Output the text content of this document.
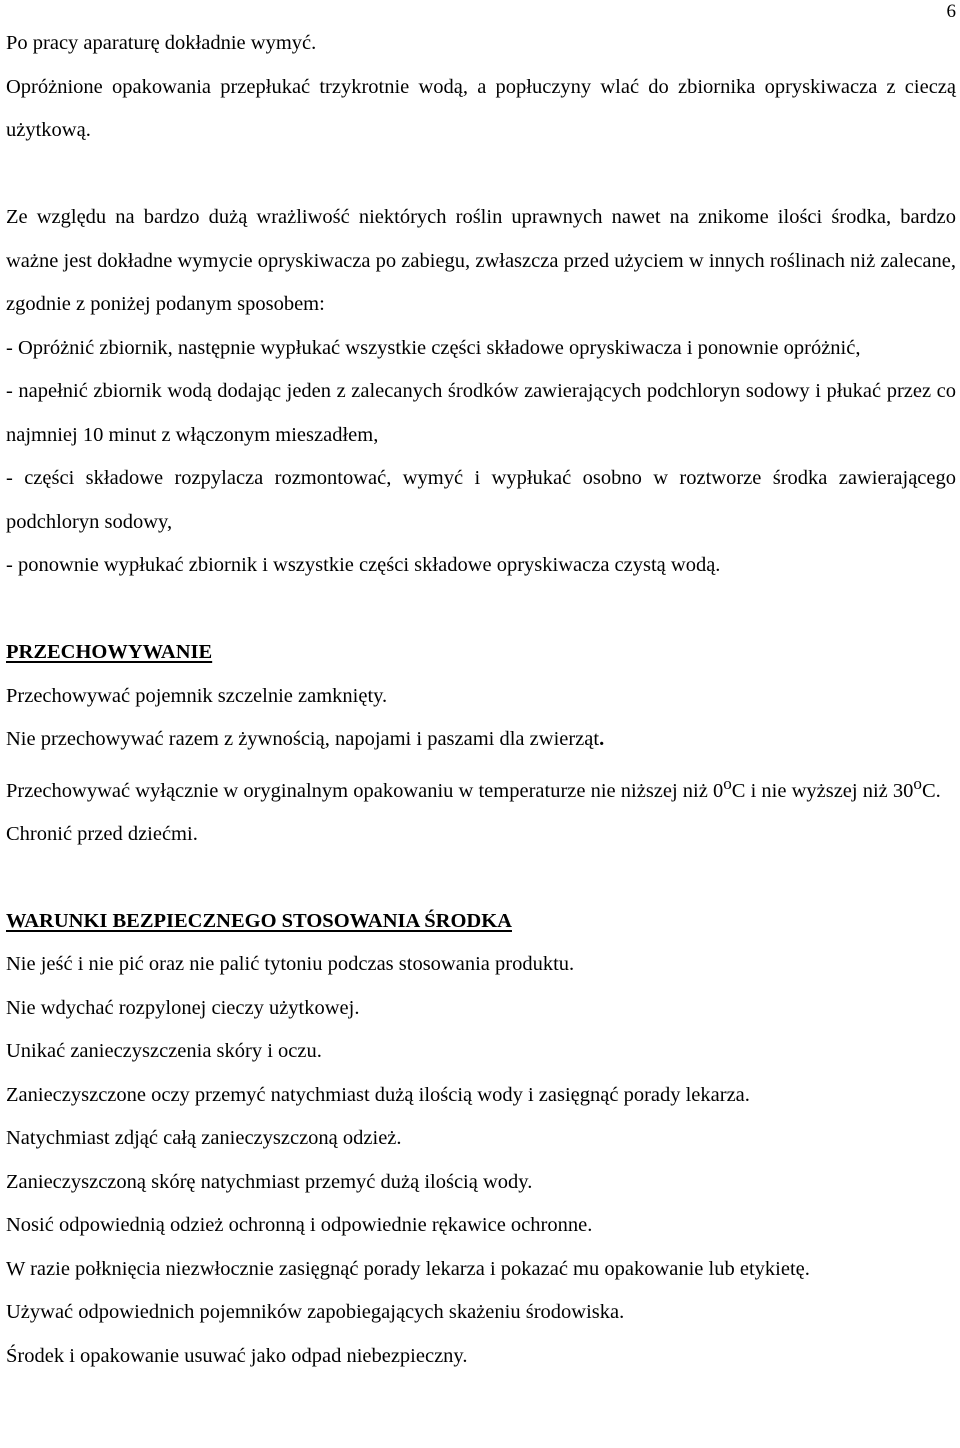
6

Po pracy aparaturę dokładnie wymyć.

Opróżnione opakowania przepłukać trzykrotnie wodą, a popłuczyny wlać do zbiornika opryskiwacza z cieczą użytkową.

Ze względu na bardzo dużą wrażliwość niektórych roślin uprawnych nawet na znikome ilości środka, bardzo ważne jest dokładne wymycie opryskiwacza po zabiegu, zwłaszcza przed użyciem w innych roślinach niż zalecane, zgodnie z poniżej podanym sposobem:

- Opróżnić zbiornik, następnie wypłukać wszystkie części składowe opryskiwacza i ponownie opróżnić,

- napełnić zbiornik wodą dodając jeden z zalecanych środków zawierających podchloryn sodowy i płukać przez co najmniej 10 minut z włączonym mieszadłem,

- części składowe rozpylacza rozmontować, wymyć i wypłukać osobno w roztworze środka zawierającego podchloryn sodowy,

- ponownie wypłukać zbiornik i wszystkie części składowe opryskiwacza czystą wodą.

PRZECHOWYWANIE

Przechowywać pojemnik szczelnie zamknięty.

Nie przechowywać razem z żywnością, napojami i paszami dla zwierząt.

Przechowywać wyłącznie w oryginalnym opakowaniu w temperaturze nie niższej niż 0$^o$C i nie wyższej niż 30$^o$C.

Chronić przed dziećmi.

WARUNKI BEZPIECZNEGO STOSOWANIA ŚRODKA

Nie jeść i nie pić oraz nie palić tytoniu podczas stosowania produktu.

Nie wdychać rozpylonej cieczy użytkowej.

Unikać zanieczyszczenia skóry i oczu.

Zanieczyszczone oczy przemyć natychmiast dużą ilością wody i zasięgnąć porady lekarza.

Natychmiast zdjąć całą zanieczyszczoną odzież.

Zanieczyszczoną skórę natychmiast przemyć dużą ilością wody.

Nosić odpowiednią odzież ochronną i odpowiednie rękawice ochronne.

W razie połknięcia niezwłocznie zasięgnąć porady lekarza i pokazać mu opakowanie lub etykietę.

Używać odpowiednich pojemników zapobiegających skażeniu środowiska.

Środek i opakowanie usuwać jako odpad niebezpieczny.
